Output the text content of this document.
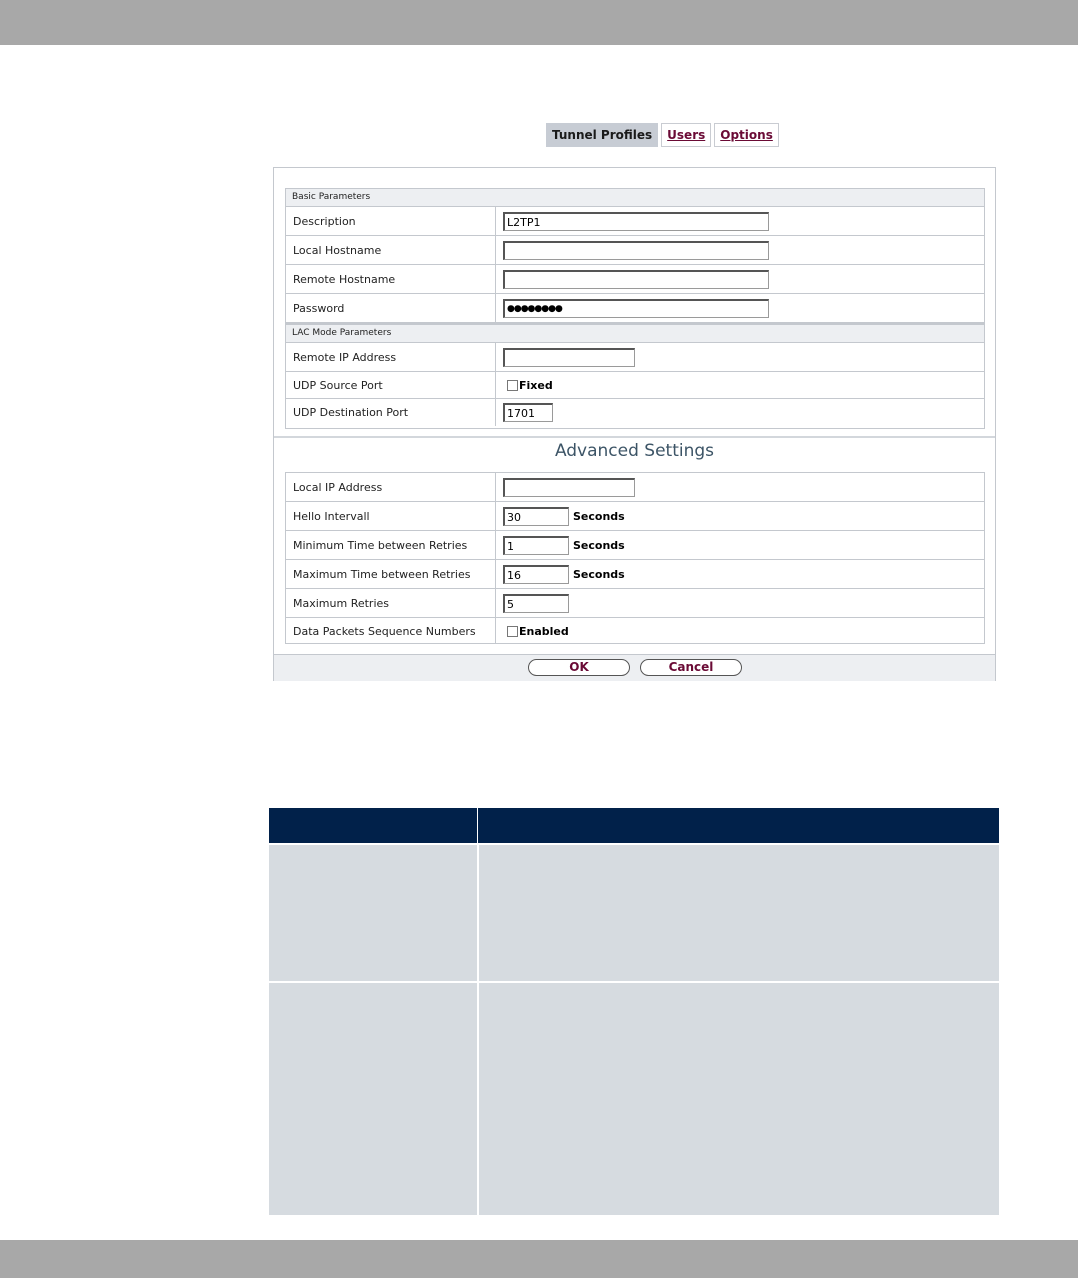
Tunnel Profiles	Users	Options
Basic Parameters
Description	L2TP1
Local Hostname
Remote Hostname
Password	●●●●●●●●
LAC Mode Parameters
Remote IP Address
UDP Source Port	Fixed
UDP Destination Port	1701
Advanced Settings
Local IP Address
Hello Intervall	30	Seconds
Minimum Time between Retries	1	Seconds
Maximum Time between Retries	16	Seconds
Maximum Retries	5
Data Packets Sequence Numbers	Enabled
OK	Cancel
